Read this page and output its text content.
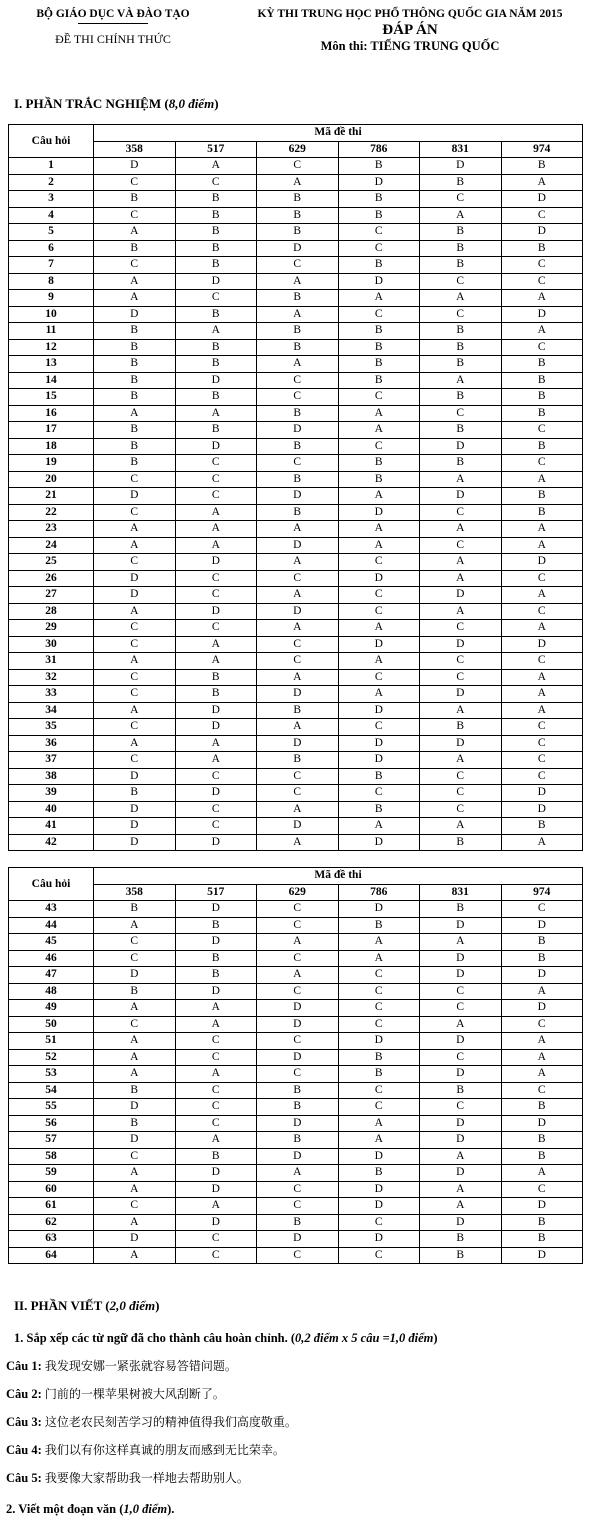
BỘ GIÁO DỤC VÀ ĐÀO TẠO
ĐỀ THI CHÍNH THỨC
KỲ THI TRUNG HỌC PHỔ THÔNG QUỐC GIA NĂM 2015
ĐÁP ÁN
Môn thi: TIẾNG TRUNG QUỐC
I. PHẦN TRẮC NGHIỆM (8,0 điểm)
Câu hỏi	Mã đề thi					
	358	517	629	786	831	974
1	D	A	C	B	D	B
2	C	C	A	D	B	A
3	B	B	B	B	C	D
4	C	B	B	B	A	C
5	A	B	B	C	B	D
6	B	B	D	C	B	B
7	C	B	C	B	B	C
8	A	D	A	D	C	C
9	A	C	B	A	A	A
10	D	B	A	C	C	D
11	B	A	B	B	B	A
12	B	B	B	B	B	C
13	B	B	A	B	B	B
14	B	D	C	B	A	B
15	B	B	C	C	B	B
16	A	A	B	A	C	B
17	B	B	D	A	B	C
18	B	D	B	C	D	B
19	B	C	C	B	B	C
20	C	C	B	B	A	A
21	D	C	D	A	D	B
22	C	A	B	D	C	B
23	A	A	A	A	A	A
24	A	A	D	A	C	A
25	C	D	A	C	A	D
26	D	C	C	D	A	C
27	D	C	A	C	D	A
28	A	D	D	C	A	C
29	C	C	A	A	C	A
30	C	A	C	D	D	D
31	A	A	C	A	C	C
32	C	B	A	C	C	A
33	C	B	D	A	D	A
34	A	D	B	D	A	A
35	C	D	A	C	B	C
36	A	A	D	D	D	C
37	C	A	B	D	A	C
38	D	C	C	B	C	C
39	B	D	C	C	C	D
40	D	C	A	B	C	D
41	D	C	D	A	A	B
42	D	D	A	D	B	A
Câu hỏi	Mã đề thi					
	358	517	629	786	831	974
43	B	D	C	D	B	C
44	A	B	C	B	D	D
45	C	D	A	A	A	B
46	C	B	C	A	D	B
47	D	B	A	C	D	D
48	B	D	C	C	C	A
49	A	A	D	C	C	D
50	C	A	D	C	A	C
51	A	C	C	D	D	A
52	A	C	D	B	C	A
53	A	A	C	B	D	A
54	B	C	B	C	B	C
55	D	C	B	C	C	B
56	B	C	D	A	D	D
57	D	A	B	A	D	B
58	C	B	D	D	A	B
59	A	D	A	B	D	A
60	A	D	C	D	A	C
61	C	A	C	D	A	D
62	A	D	B	C	D	B
63	D	C	D	D	B	B
64	A	C	C	C	B	D
II. PHẦN VIẾT (2,0 điểm)
1. Sắp xếp các từ ngữ đã cho thành câu hoàn chỉnh. (0,2 điểm x 5 câu =1,0 điểm)
Câu 1: 我发现安娜一紧张就容易答错问题。
Câu 2: 门前的一棵苹果树被大风刮断了。
Câu 3: 这位老农民刻苦学习的精神值得我们高度敬重。
Câu 4: 我们以有你这样真诚的朋友而感到无比荣幸。
Câu 5: 我要像大家帮助我一样地去帮助别人。
2. Viết một đoạn văn (1,0 điểm).
